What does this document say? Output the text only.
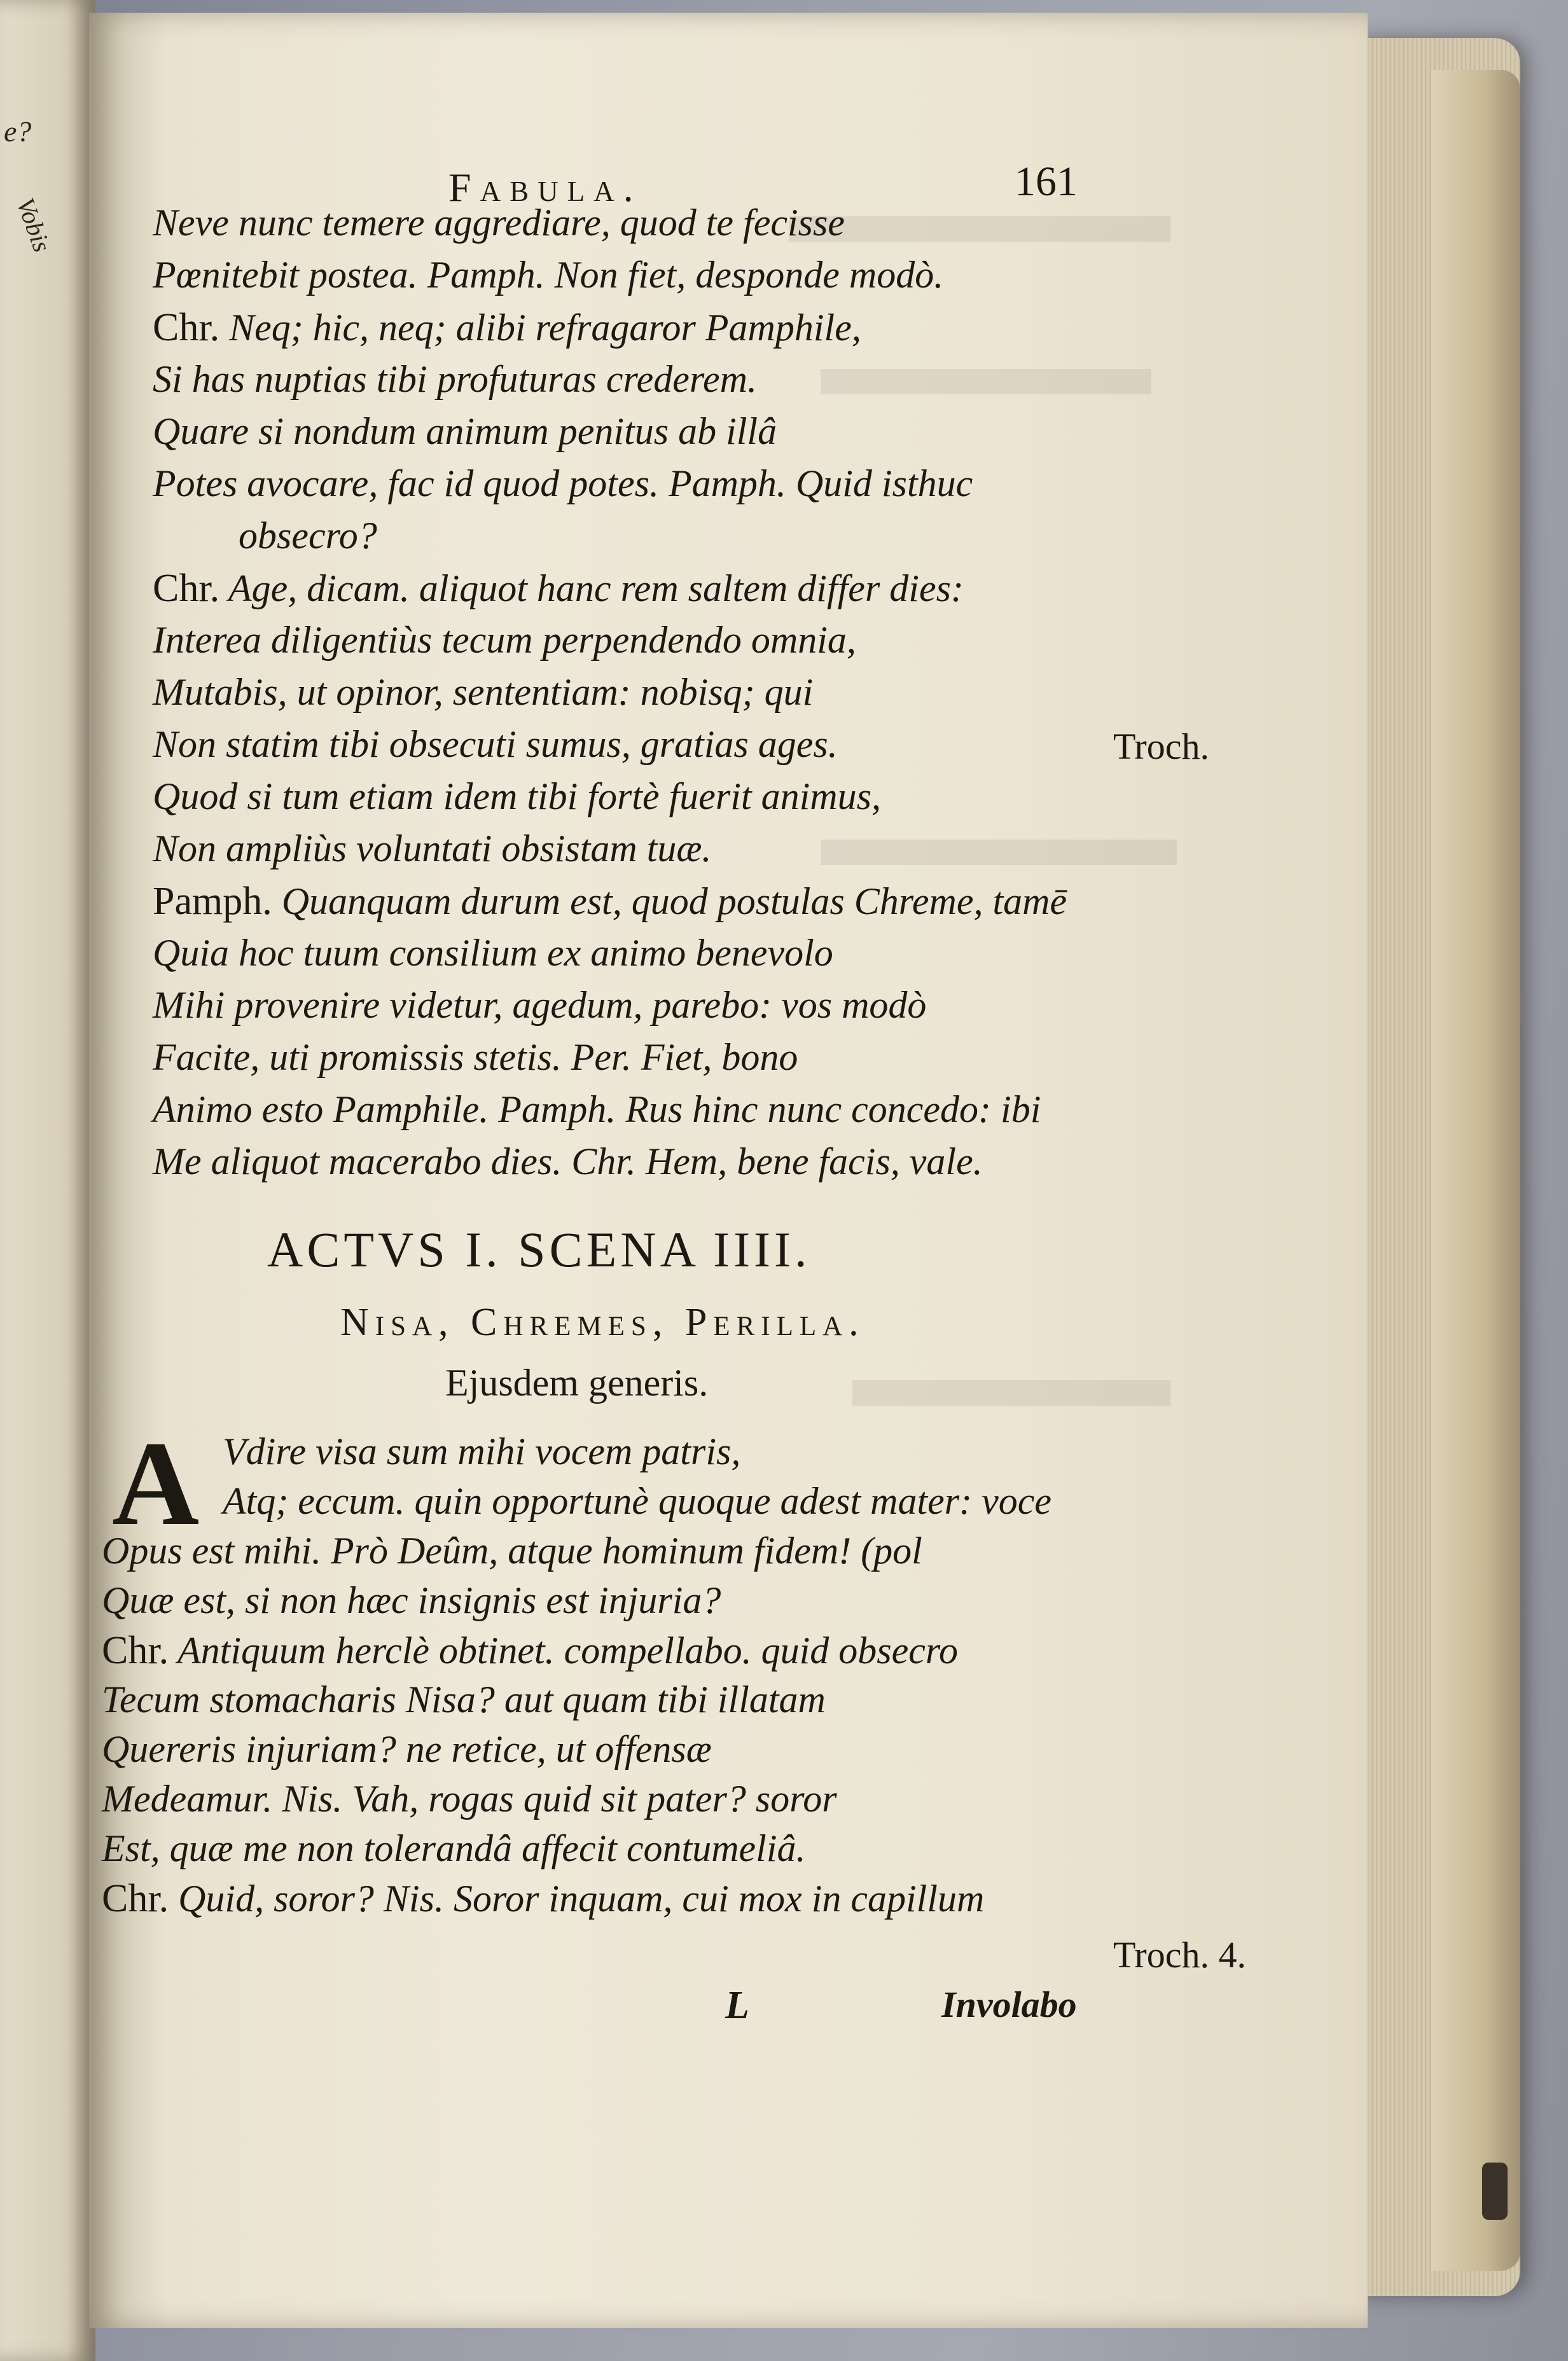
e?
Vobis
Fabula.	161
Neve nunc temere aggrediare, quod te fecisse
Pœnitebit postea. Pamph. Non fiet, desponde modò.
Chr. Neq; hic, neq; alibi refragaror Pamphile,
Si has nuptias tibi profuturas crederem.
Quare si nondum animum penitus ab illâ
Potes avocare, fac id quod potes. Pamph. Quid isthuc
obsecro?
Chr. Age, dicam. aliquot hanc rem saltem differ dies:
Interea diligentiùs tecum perpendendo omnia,
Mutabis, ut opinor, sententiam: nobisq; qui
Non statim tibi obsecuti sumus, gratias ages.
Quod si tum etiam idem tibi fortè fuerit animus,
Non ampliùs voluntati obsistam tuæ.
Pamph. Quanquam durum est, quod postulas Chreme, tamē
Quia hoc tuum consilium ex animo benevolo
Mihi provenire videtur, agedum, parebo: vos modò
Facite, uti promissis stetis. Per. Fiet, bono
Animo esto Pamphile. Pamph. Rus hinc nunc concedo: ibi
Me aliquot macerabo dies. Chr. Hem, bene facis, vale.
Troch.
ACTVS I. SCENA IIII.
Nisa, Chremes, Perilla.
Ejusdem generis.
A Vdire visa sum mihi vocem patris,
Atq; eccum. quin opportunè quoque adest mater: voce
Opus est mihi. Prò Deûm, atque hominum fidem! (pol
Quæ est, si non hæc insignis est injuria?
Chr. Antiquum herclè obtinet. compellabo. quid obsecro
Tecum stomacharis Nisa? aut quam tibi illatam
Quereris injuriam? ne retice, ut offensæ
Medeamur. Nis. Vah, rogas quid sit pater? soror
Est, quæ me non tolerandâ affecit contumeliâ.
Chr. Quid, soror? Nis. Soror inquam, cui mox in capillum
Troch. 4.
L	Involabo
